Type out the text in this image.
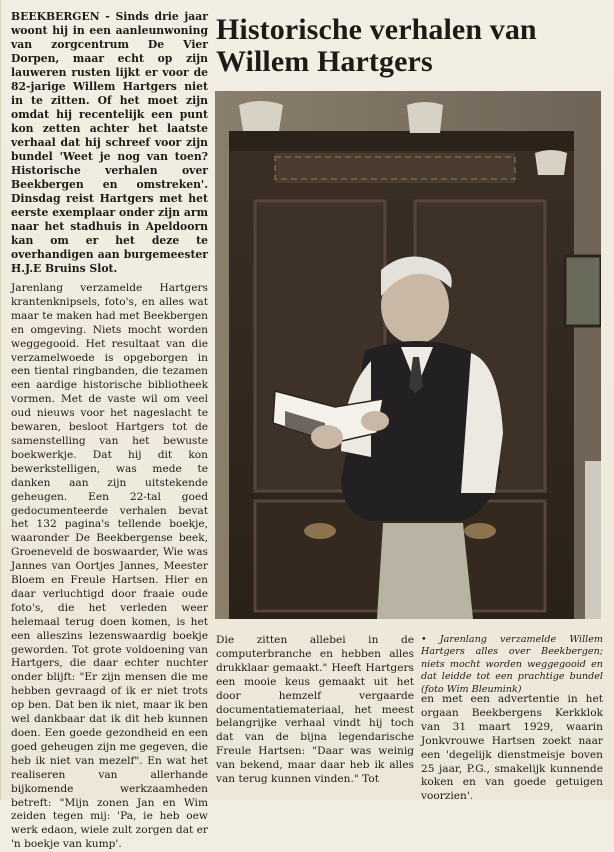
BEEKBERGEN - Sinds drie jaar woont hij in een aanleunwoning van zorgcentrum De Vier Dorpen, maar echt op zijn lauweren rusten lijkt er voor de 82-jarige Willem Hartgers niet in te zitten. Of het moet zijn omdat hij recentelijk een punt kon zetten achter het laatste verhaal dat hij schreef voor zijn bundel 'Weet je nog van toen? Historische verhalen over Beekbergen en omstreken'. Dinsdag reist Hartgers met het eerste exemplaar onder zijn arm naar het stadhuis in Apeldoorn kan om er het deze te overhandigen aan burgemeester H.J.E Bruins Slot.

Jarenlang verzamelde Hartgers krantenknipsels, foto's, en alles wat maar te maken had met Beekbergen en omgeving. Niets mocht worden weggegooid. Het resultaat van die verzamelwoede is opgeborgen in een tiental ringbanden, die tezamen een aardige historische bibliotheek vormen. Met de vaste wil om veel oud nieuws voor het nageslacht te bewaren, besloot Hartgers tot de samenstelling van het bewuste boekwerkje. Dat hij dit kon bewerkstelligen, was mede te danken aan zijn uitstekende geheugen. Een 22-tal goed gedocumenteerde verhalen bevat het 132 pagina's tellende boekje, waaronder De Beekbergense beek, Groeneveld de boswaarder, Wie was Jannes van Oortjes Jannes, Meester Bloem en Freule Hartsen. Hier en daar verluchtigd door fraaie oude foto's, die het verleden weer helemaal terug doen komen, is het een alleszins lezenswaardig boekje geworden. Tot grote voldoening van Hartgers, die daar echter nuchter onder blijft: "Er zijn mensen die me hebben gevraagd of ik er niet trots op ben. Dat ben ik niet, maar ik ben wel dankbaar dat ik dit heb kunnen doen. Een goede gezondheid en een goed geheugen zijn me gegeven, die heb ik niet van mezelf". En wat het realiseren van allerhande bijkomende werkzaamheden betreft: "Mijn zonen Jan en Wim zeiden tegen mij: 'Pa, ie heb oew werk edaon, wiele zult zorgen dat er 'n boekje van kump'.

Historische verhalen van Willem Hartgers

Die zitten allebei in de computerbranche en hebben alles drukklaar gemaakt." Heeft Hartgers een mooie keus gemaakt uit het door hemzelf vergaarde documentatiemateriaal, het meest belangrijke verhaal vindt hij toch dat van de bijna legendarische Freule Hartsen: "Daar was weinig van bekend, maar daar heb ik alles van terug kunnen vinden." Tot

• Jarenlang verzamelde Willem Hartgers alles over Beekbergen; niets mocht worden weggegooid en dat leidde tot een prachtige bundel (foto Wim Bleumink)

en met een advertentie in het orgaan Beekbergens Kerkklok van 31 maart 1929, waarin Jonkvrouwe Hartsen zoekt naar een 'degelijk dienstmeisje boven 25 jaar, P.G., smakelijk kunnende koken en van goede getuigen voorzien'.
